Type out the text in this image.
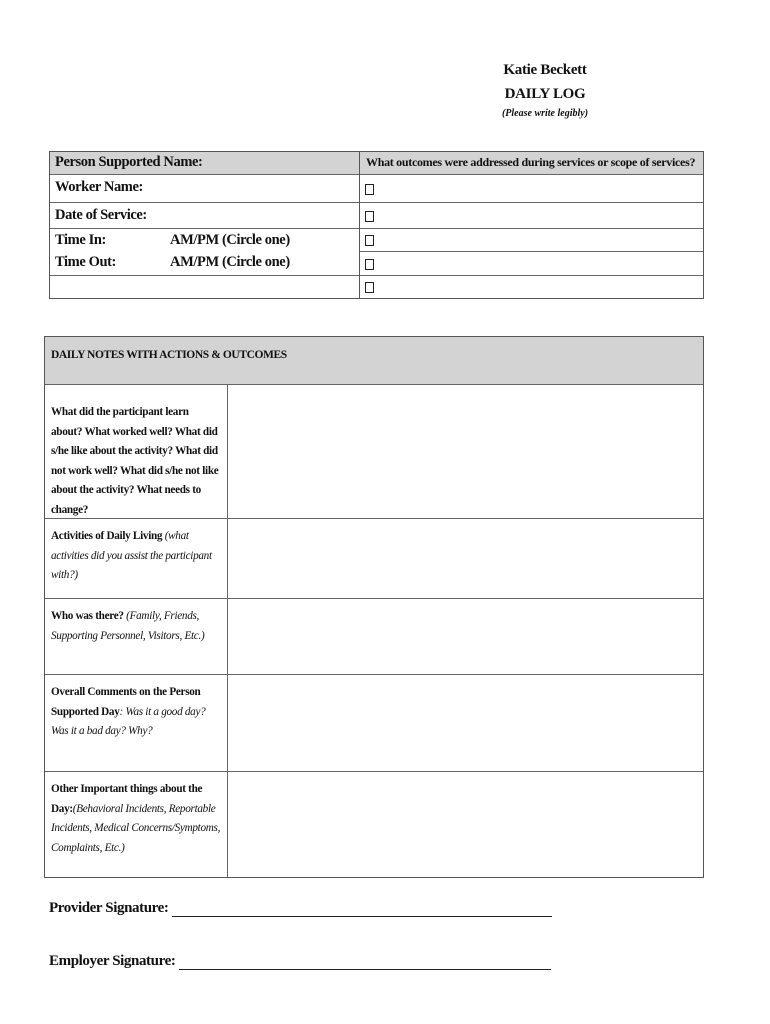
Katie Beckett
DAILY LOG
(Please write legibly)
Person Supported Name:
Worker Name:
Date of Service:
Time In:	AM/PM (Circle one)
Time Out:	AM/PM (Circle one)
What outcomes were addressed during services or scope of services?
DAILY NOTES WITH ACTIONS & OUTCOMES
What did the participant learn about? What worked well? What did s/he like about the activity? What did not work well? What did s/he not like about the activity? What needs to change?
Activities of Daily Living (what activities did you assist the participant with?)
Who was there? (Family, Friends, Supporting Personnel, Visitors, Etc.)
Overall Comments on the Person Supported Day: Was it a good day? Was it a bad day? Why?
Other Important things about the Day:(Behavioral Incidents, Reportable Incidents, Medical Concerns/Symptoms, Complaints, Etc.)
Provider Signature:
Employer Signature:
